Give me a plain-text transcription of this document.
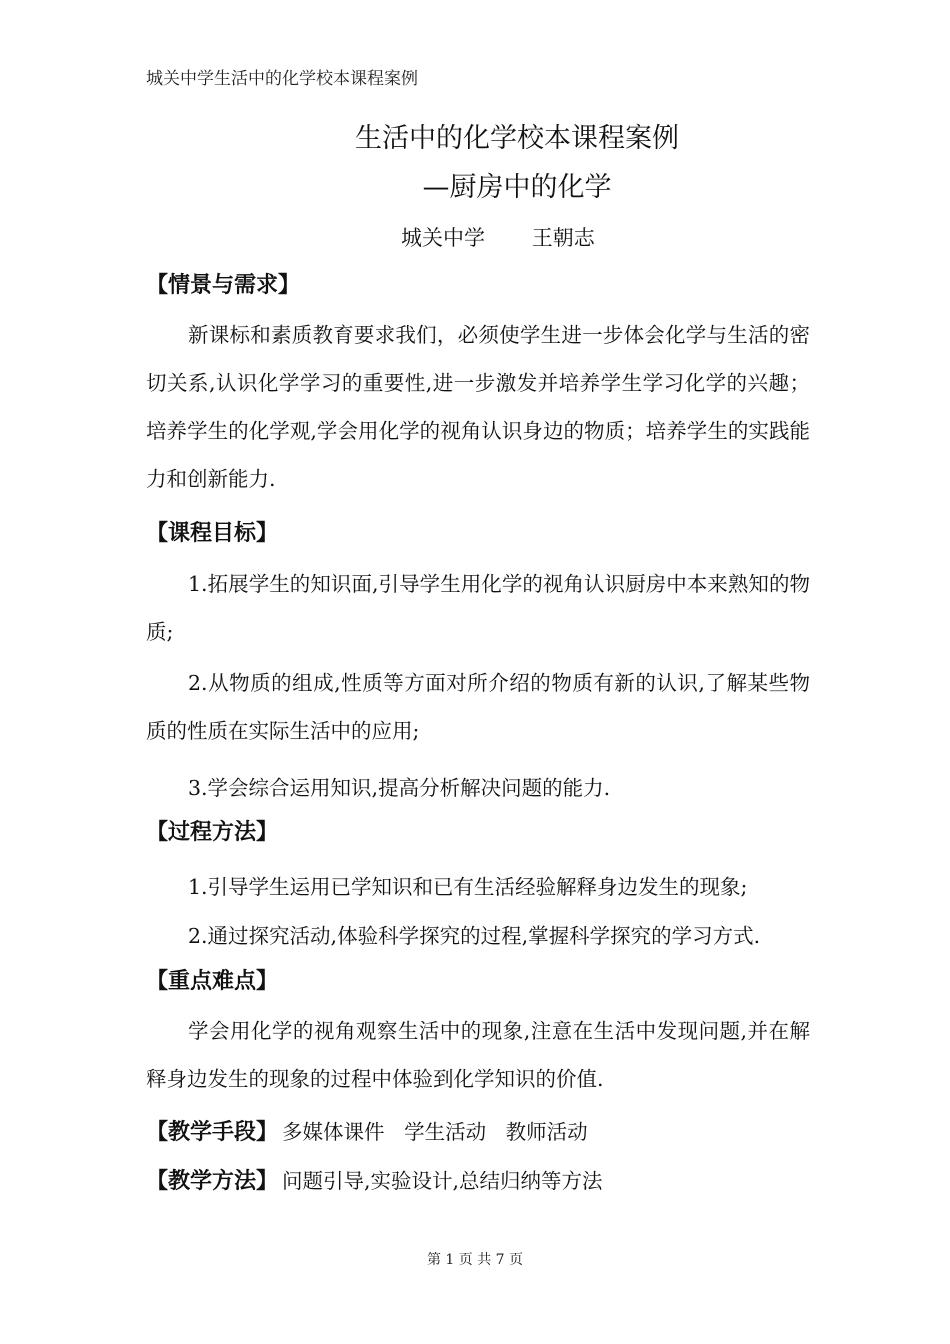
城关中学生活中的化学校本课程案例
生活中的化学校本课程案例
—厨房中的化学
城关中学       王朝志
【情景与需求】

新课标和素质教育要求我们，必须使学生进一步体会化学与生活的密切关系,认识化学学习的重要性,进一步激发并培养学生学习化学的兴趣；培养学生的化学观,学会用化学的视角认识身边的物质；培养学生的实践能力和创新能力.

【课程目标】

1.拓展学生的知识面,引导学生用化学的视角认识厨房中本来熟知的物质;

2.从物质的组成,性质等方面对所介绍的物质有新的认识,了解某些物质的性质在实际生活中的应用;

3.学会综合运用知识,提高分析解决问题的能力.
【过程方法】
1.引导学生运用已学知识和已有生活经验解释身边发生的现象;
2.通过探究活动,体验科学探究的过程,掌握科学探究的学习方式.
【重点难点】

学会用化学的视角观察生活中的现象,注意在生活中发现问题,并在解释身边发生的现象的过程中体验到化学知识的价值.

【教学手段】 多媒体课件   学生活动   教师活动
【教学方法】 问题引导,实验设计,总结归纳等方法
第 1 页 共 7 页
